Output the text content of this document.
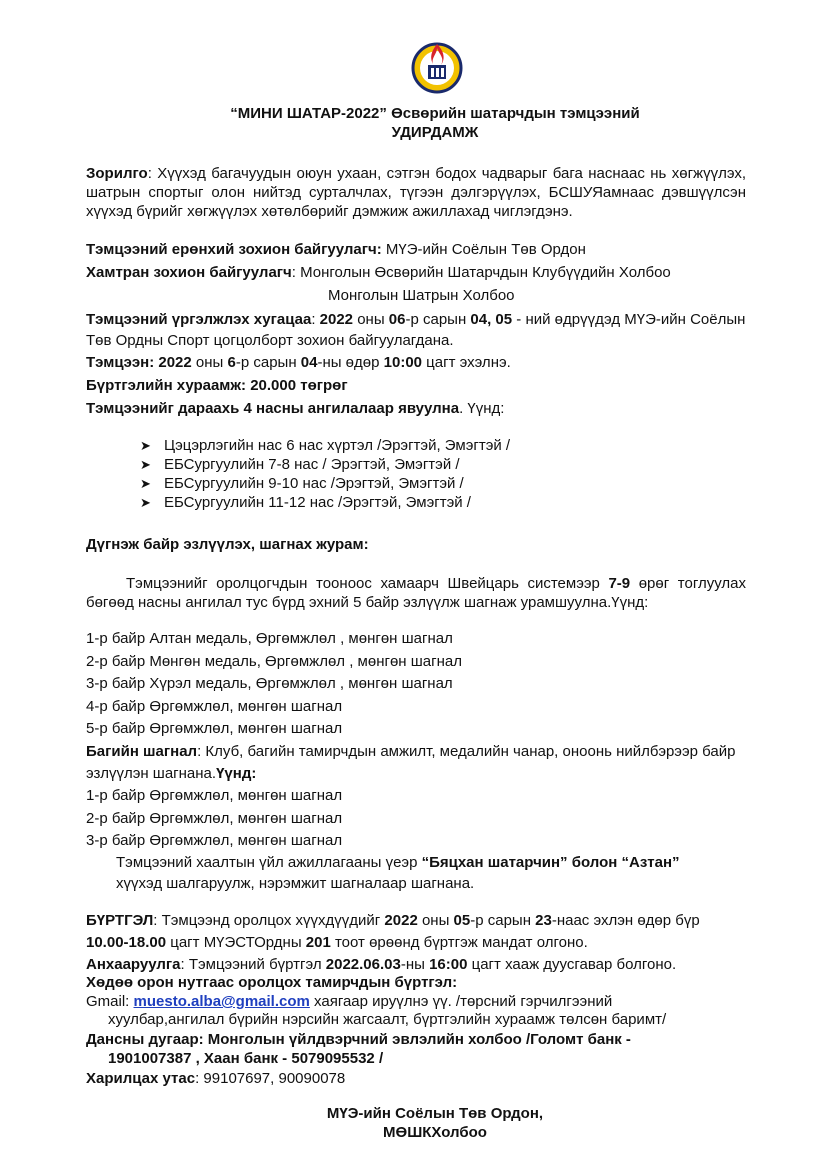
“МИНИ ШАТАР-2022” Өсвөрийн шатарчдын тэмцээний
УДИРДАМЖ
Зорилго: Хүүхэд багачуудын оюун ухаан, сэтгэн бодох чадварыг бага наснаас нь хөгжүүлэх, шатрын спортыг олон нийтэд сурталчлах, түгээн дэлгэрүүлэх, БСШУЯамнаас дэвшүүлсэн хүүхэд бүрийг хөгжүүлэх хөтөлбөрийг дэмжиж ажиллахад чиглэгдэнэ.
Тэмцээний ерөнхий зохион байгуулагч: МҮЭ-ийн Соёлын Төв Ордон
Хамтран зохион байгуулагч: Монголын Өсвөрийн Шатарчдын Клубүүдийн Холбоо
Монголын Шатрын Холбоо
Тэмцээний үргэлжлэх хугацаа: 2022 оны 06-р сарын 04, 05 - ний өдрүүдэд МҮЭ-ийн Соёлын Төв Ордны Спорт цогцолборт зохион байгуулагдана.
Тэмцээн: 2022 оны 6-р сарын 04-ны өдөр 10:00 цагт эхэлнэ.
Бүртгэлийн хураамж: 20.000 төгрөг
Тэмцээнийг дараахь 4 насны ангилалаар явуулна. Үүнд:
➤ Цэцэрлэгийн нас 6 нас хүртэл /Эрэгтэй, Эмэгтэй /
➤ ЕБСургуулийн 7-8 нас / Эрэгтэй, Эмэгтэй /
➤ ЕБСургуулийн 9-10 нас /Эрэгтэй, Эмэгтэй /
➤ ЕБСургуулийн 11-12 нас /Эрэгтэй, Эмэгтэй /
Дүгнэж байр эзлүүлэх, шагнах журам:
Тэмцээнийг оролцогчдын тооноос хамаарч Швейцарь системээр 7-9 өрөг тоглуулах бөгөөд насны ангилал тус бүрд эхний 5 байр эзлүүлж шагнаж урамшуулна.Үүнд:
1-р байр Алтан медаль, Өргөмжлөл , мөнгөн шагнал
2-р байр Мөнгөн медаль, Өргөмжлөл , мөнгөн шагнал
3-р байр Хүрэл медаль, Өргөмжлөл , мөнгөн шагнал
4-р байр Өргөмжлөл, мөнгөн шагнал
5-р байр Өргөмжлөл, мөнгөн шагнал
Багийн шагнал: Клуб, багийн тамирчдын амжилт, медалийн чанар, оноонь нийлбэрээр байр эзлүүлэн шагнана.Үүнд:
1-р байр Өргөмжлөл, мөнгөн шагнал
2-р байр Өргөмжлөл, мөнгөн шагнал
3-р байр Өргөмжлөл, мөнгөн шагнал
Тэмцээний хаалтын үйл ажиллагааны үеэр “Бяцхан шатарчин” болон “Азтан”
хүүхэд шалгаруулж, нэрэмжит шагналаар шагнана.
БҮРТГЭЛ: Тэмцээнд оролцох хүүхдүүдийг 2022 оны 05-р сарын 23-наас эхлэн өдөр бүр
10.00-18.00 цагт МҮЭСТОрдны 201 тоот өрөөнд бүртгэж мандат олгоно.
Анхааруулга: Тэмцээний бүртгэл 2022.06.03-ны 16:00 цагт хааж дуусгавар болгоно.
Хөдөө орон нутгаас оролцох тамирчдын бүртгэл:
Gmail: muesto.alba@gmail.com хаягаар ируүлнэ үү. /төрсний гэрчилгээний
хуулбар,ангилал бүрийн нэрсийн жагсаалт, бүртгэлийн хураамж төлсөн баримт/
Дансны дугаар: Монголын үйлдвэрчний эвлэлийн холбоо /Голомт банк -
1901007387 , Хаан банк - 5079095532 /
Харилцах утас: 99107697, 90090078
МҮЭ-ийн Соёлын Төв Ордон,
МӨШКХолбоо
